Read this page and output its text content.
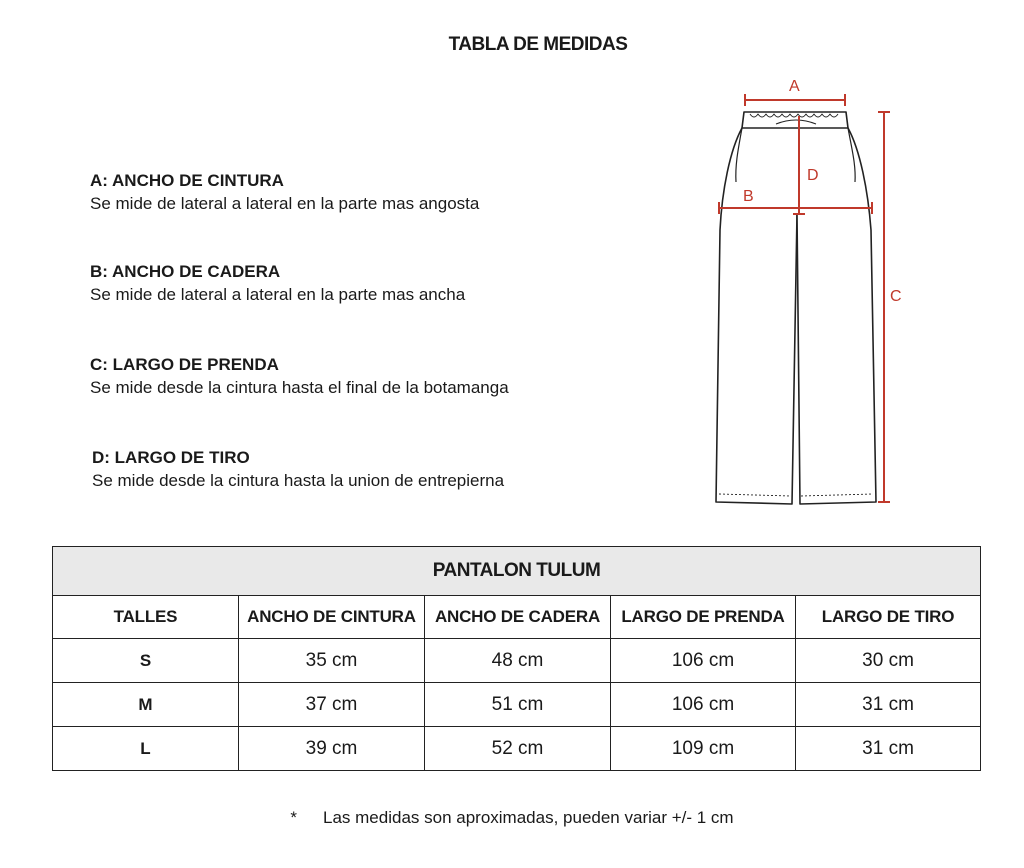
TABLA DE MEDIDAS
A: ANCHO DE CINTURA
Se mide de lateral a lateral en la parte mas angosta
B: ANCHO DE CADERA
Se mide de lateral a lateral en la parte mas ancha
C: LARGO DE PRENDA
Se mide desde la cintura hasta el final de la botamanga
D: LARGO DE TIRO
Se mide desde la cintura hasta la union de entrepierna
A
B
C
D
PANTALON TULUM				
TALLES	ANCHO DE CINTURA	ANCHO DE CADERA	LARGO DE PRENDA	LARGO DE TIRO
S	35 cm	48 cm	106 cm	30 cm
M	37 cm	51 cm	106 cm	31 cm
L	39 cm	52 cm	109 cm	31 cm
* Las medidas son aproximadas, pueden variar +/- 1 cm
